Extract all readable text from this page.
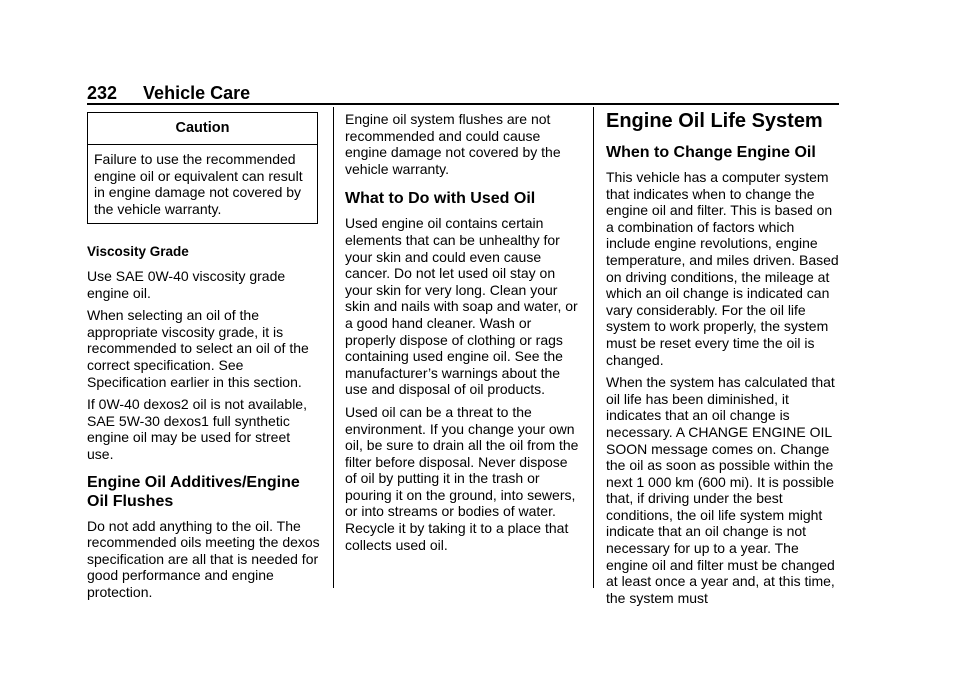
232 Vehicle Care
Caution
Failure to use the recommended engine oil or equivalent can result in engine damage not covered by the vehicle warranty.
Viscosity Grade

Use SAE 0W-40 viscosity grade engine oil.

When selecting an oil of the appropriate viscosity grade, it is recommended to select an oil of the correct specification. See Specification earlier in this section.

If 0W-40 dexos2 oil is not available, SAE 5W-30 dexos1 full synthetic engine oil may be used for street use.

Engine Oil Additives/Engine Oil Flushes

Do not add anything to the oil. The recommended oils meeting the dexos specification are all that is needed for good performance and engine protection.

Engine oil system flushes are not recommended and could cause engine damage not covered by the vehicle warranty.

What to Do with Used Oil

Used engine oil contains certain elements that can be unhealthy for your skin and could even cause cancer. Do not let used oil stay on your skin for very long. Clean your skin and nails with soap and water, or a good hand cleaner. Wash or properly dispose of clothing or rags containing used engine oil. See the manufacturer’s warnings about the use and disposal of oil products.

Used oil can be a threat to the environment. If you change your own oil, be sure to drain all the oil from the filter before disposal. Never dispose of oil by putting it in the trash or pouring it on the ground, into sewers, or into streams or bodies of water. Recycle it by taking it to a place that collects used oil.

Engine Oil Life System
When to Change Engine Oil

This vehicle has a computer system that indicates when to change the engine oil and filter. This is based on a combination of factors which include engine revolutions, engine temperature, and miles driven. Based on driving conditions, the mileage at which an oil change is indicated can vary considerably. For the oil life system to work properly, the system must be reset every time the oil is changed.

When the system has calculated that oil life has been diminished, it indicates that an oil change is necessary. A CHANGE ENGINE OIL SOON message comes on. Change the oil as soon as possible within the next 1 000 km (600 mi). It is possible that, if driving under the best conditions, the oil life system might indicate that an oil change is not necessary for up to a year. The engine oil and filter must be changed at least once a year and, at this time, the system must
